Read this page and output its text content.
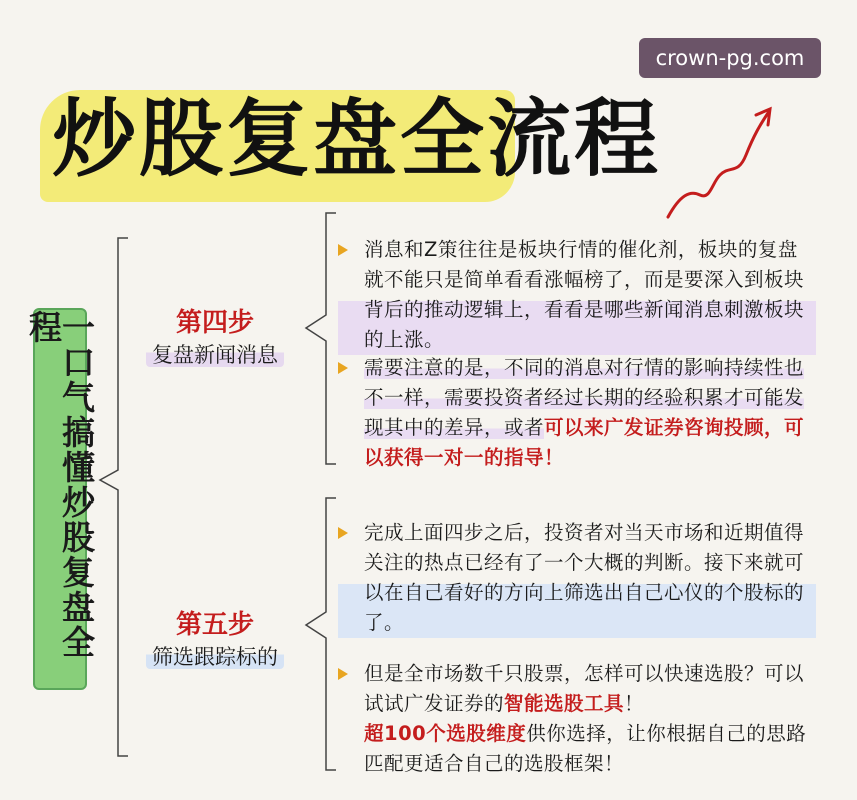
crown-pg.com
炒股复盘全流程
一口气搞懂炒股复盘全程	第四步
复盘新闻消息
第五步
筛选跟踪标的
消息和Z策往往是板块行情的催化剂，板块的复盘就不能只是简单看看涨幅榜了，而是要深入到板块背后的推动逻辑上，看看是哪些新闻消息刺激板块的上涨。
需要注意的是，不同的消息对行情的影响持续性也不一样，需要投资者经过长期的经验积累才可能发现其中的差异，或者可以来广发证券咨询投顾，可以获得一对一的指导！
完成上面四步之后，投资者对当天市场和近期值得关注的热点已经有了一个大概的判断。接下来就可以在自己看好的方向上筛选出自己心仪的个股标的了。
但是全市场数千只股票，怎样可以快速选股？可以试试广发证券的智能选股工具！
超100个选股维度供你选择，让你根据自己的思路匹配更适合自己的选股框架！
